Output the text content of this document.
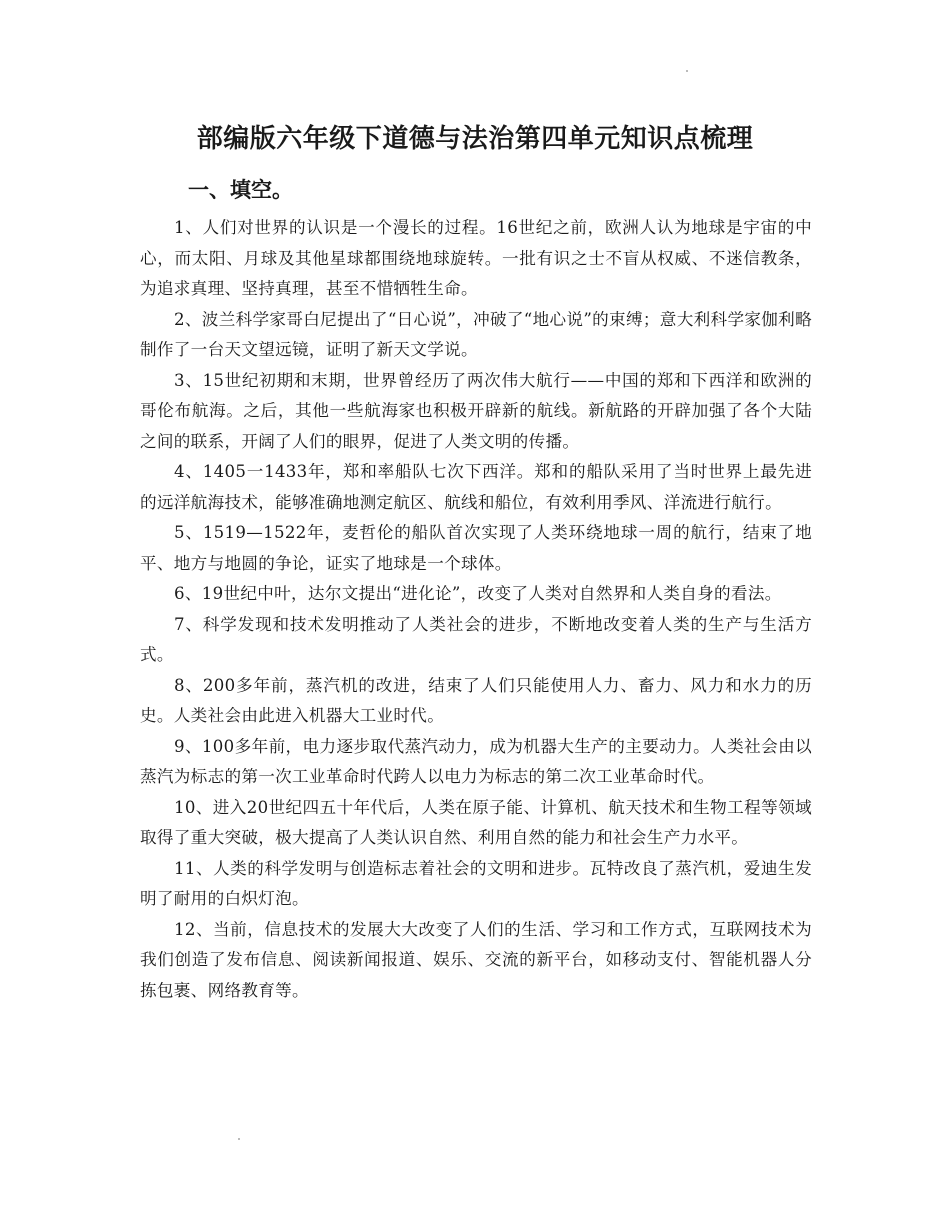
部编版六年级下道德与法治第四单元知识点梳理
一、填空。

1、人们对世界的认识是一个漫长的过程。16世纪之前，欧洲人认为地球是宇宙的中心，而太阳、月球及其他星球都围绕地球旋转。一批有识之士不盲从权威、不迷信教条，为追求真理、坚持真理，甚至不惜牺牲生命。

2、波兰科学家哥白尼提出了“日心说”，冲破了“地心说”的束缚；意大利科学家伽利略制作了一台天文望远镜，证明了新天文学说。

3、15世纪初期和末期，世界曾经历了两次伟大航行——中国的郑和下西洋和欧洲的哥伦布航海。之后，其他一些航海家也积极开辟新的航线。新航路的开辟加强了各个大陆之间的联系，开阔了人们的眼界，促进了人类文明的传播。

4、1405一1433年，郑和率船队七次下西洋。郑和的船队采用了当时世界上最先进的远洋航海技术，能够准确地测定航区、航线和船位，有效利用季风、洋流进行航行。

5、1519—1522年，麦哲伦的船队首次实现了人类环绕地球一周的航行，结束了地平、地方与地圆的争论，证实了地球是一个球体。

6、19世纪中叶，达尔文提出“进化论”，改变了人类对自然界和人类自身的看法。

7、科学发现和技术发明推动了人类社会的进步，不断地改变着人类的生产与生活方式。

8、200多年前，蒸汽机的改进，结束了人们只能使用人力、畜力、风力和水力的历史。人类社会由此进入机器大工业时代。

9、100多年前，电力逐步取代蒸汽动力，成为机器大生产的主要动力。人类社会由以蒸汽为标志的第一次工业革命时代跨人以电力为标志的第二次工业革命时代。

10、进入20世纪四五十年代后，人类在原子能、计算机、航天技术和生物工程等领域取得了重大突破，极大提高了人类认识自然、利用自然的能力和社会生产力水平。

11、人类的科学发明与创造标志着社会的文明和进步。瓦特改良了蒸汽机，爱迪生发明了耐用的白炽灯泡。

12、当前，信息技术的发展大大改变了人们的生活、学习和工作方式，互联网技术为我们创造了发布信息、阅读新闻报道、娱乐、交流的新平台，如移动支付、智能机器人分拣包裹、网络教育等。
